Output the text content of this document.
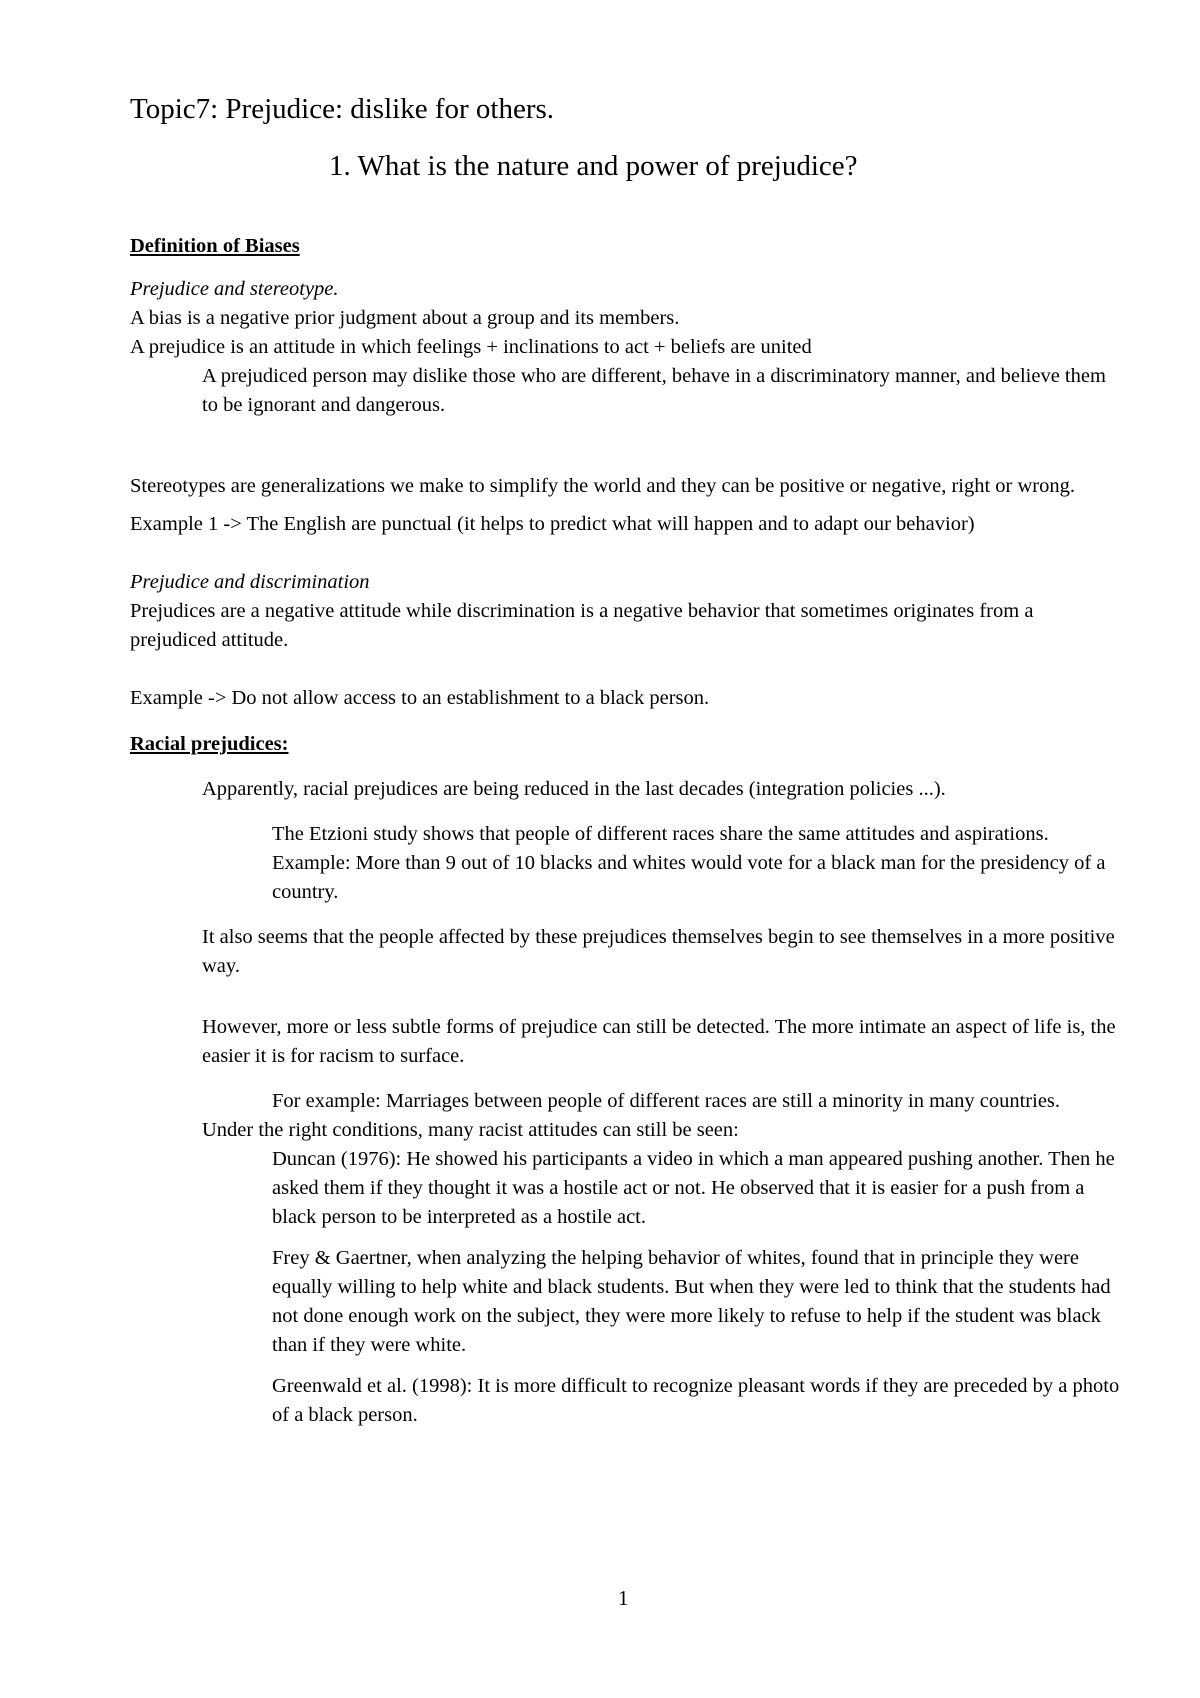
Topic7: Prejudice: dislike for others.
1. What is the nature and power of prejudice?

Definition of Biases

Prejudice and stereotype.

A bias is a negative prior judgment about a group and its members.

A prejudice is an attitude in which feelings + inclinations to act + beliefs are united

A prejudiced person may dislike those who are different, behave in a discriminatory manner, and believe them to be ignorant and dangerous.

Stereotypes are generalizations we make to simplify the world and they can be positive or negative, right or wrong.

Example 1 -> The English are punctual (it helps to predict what will happen and to adapt our behavior)

Prejudice and discrimination

Prejudices are a negative attitude while discrimination is a negative behavior that sometimes originates from a prejudiced attitude.

Example -> Do not allow access to an establishment to a black person.

Racial prejudices:

Apparently, racial prejudices are being reduced in the last decades (integration policies ...).

The Etzioni study shows that people of different races share the same attitudes and aspirations. Example: More than 9 out of 10 blacks and whites would vote for a black man for the presidency of a country.

It also seems that the people affected by these prejudices themselves begin to see themselves in a more positive way.

However, more or less subtle forms of prejudice can still be detected. The more intimate an aspect of life is, the easier it is for racism to surface.

For example: Marriages between people of different races are still a minority in many countries.

Under the right conditions, many racist attitudes can still be seen:

Duncan (1976): He showed his participants a video in which a man appeared pushing another. Then he asked them if they thought it was a hostile act or not. He observed that it is easier for a push from a black person to be interpreted as a hostile act.

Frey & Gaertner, when analyzing the helping behavior of whites, found that in principle they were equally willing to help white and black students. But when they were led to think that the students had not done enough work on the subject, they were more likely to refuse to help if the student was black than if they were white.

Greenwald et al. (1998): It is more difficult to recognize pleasant words if they are preceded by a photo of a black person.

1
